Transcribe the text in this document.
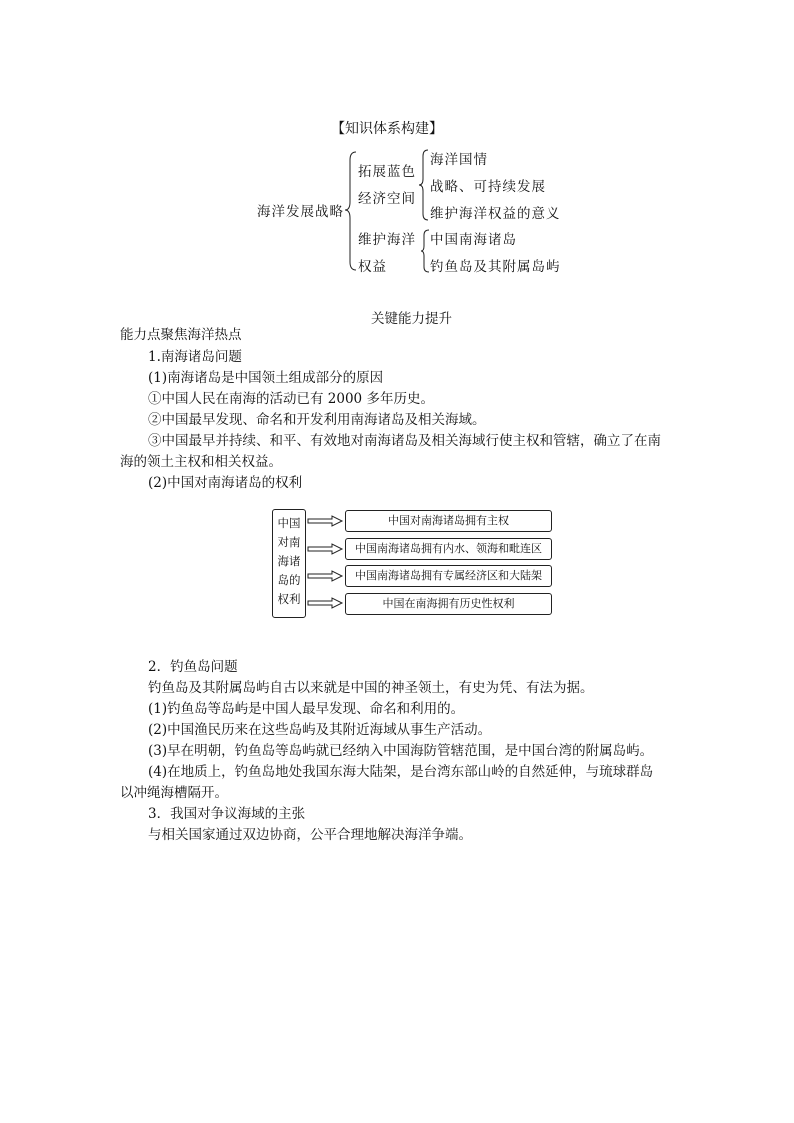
【知识体系构建】
海洋发展战略
拓展蓝色
经济空间
海洋国情
战略、可持续发展
维护海洋权益的意义
维护海洋
权益
中国南海诸岛
钓鱼岛及其附属岛屿
关键能力提升
能力点聚焦海洋热点
1.南海诸岛问题
(1)南海诸岛是中国领土组成部分的原因
①中国人民在南海的活动已有 2000 多年历史。
②中国最早发现、命名和开发利用南海诸岛及相关海域。
③中国最早并持续、和平、有效地对南海诸岛及相关海域行使主权和管辖，确立了在南
海的领土主权和相关权益。
(2)中国对南海诸岛的权利
中国
对南
海诸
岛的
权利
中国对南海诸岛拥有主权
中国南海诸岛拥有内水、领海和毗连区
中国南海诸岛拥有专属经济区和大陆架
中国在南海拥有历史性权利
2．钓鱼岛问题
钓鱼岛及其附属岛屿自古以来就是中国的神圣领土，有史为凭、有法为据。
(1)钓鱼岛等岛屿是中国人最早发现、命名和利用的。
(2)中国渔民历来在这些岛屿及其附近海域从事生产活动。
(3)早在明朝，钓鱼岛等岛屿就已经纳入中国海防管辖范围，是中国台湾的附属岛屿。
(4)在地质上，钓鱼岛地处我国东海大陆架，是台湾东部山岭的自然延伸，与琉球群岛
以冲绳海槽隔开。
3．我国对争议海域的主张
与相关国家通过双边协商，公平合理地解决海洋争端。
